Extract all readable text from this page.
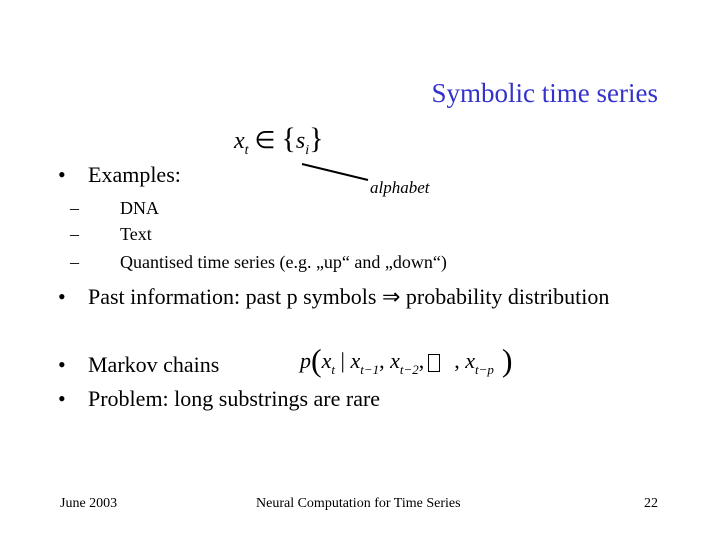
Symbolic time series
$x_t$ ∈ $\{s_i\}$
alphabet
• Examples:
– DNA
– Text
– Quantised time series (e.g. „up“ and „down“)
• Past information: past p symbols ⇒ probability distribution
$p(x_t$ | $x_{t-1}$, $x_{t-2}$, , $x_{t-p}$ )
• Markov chains
• Problem: long substrings are rare
June 2003	Neural Computation for Time Series	22
